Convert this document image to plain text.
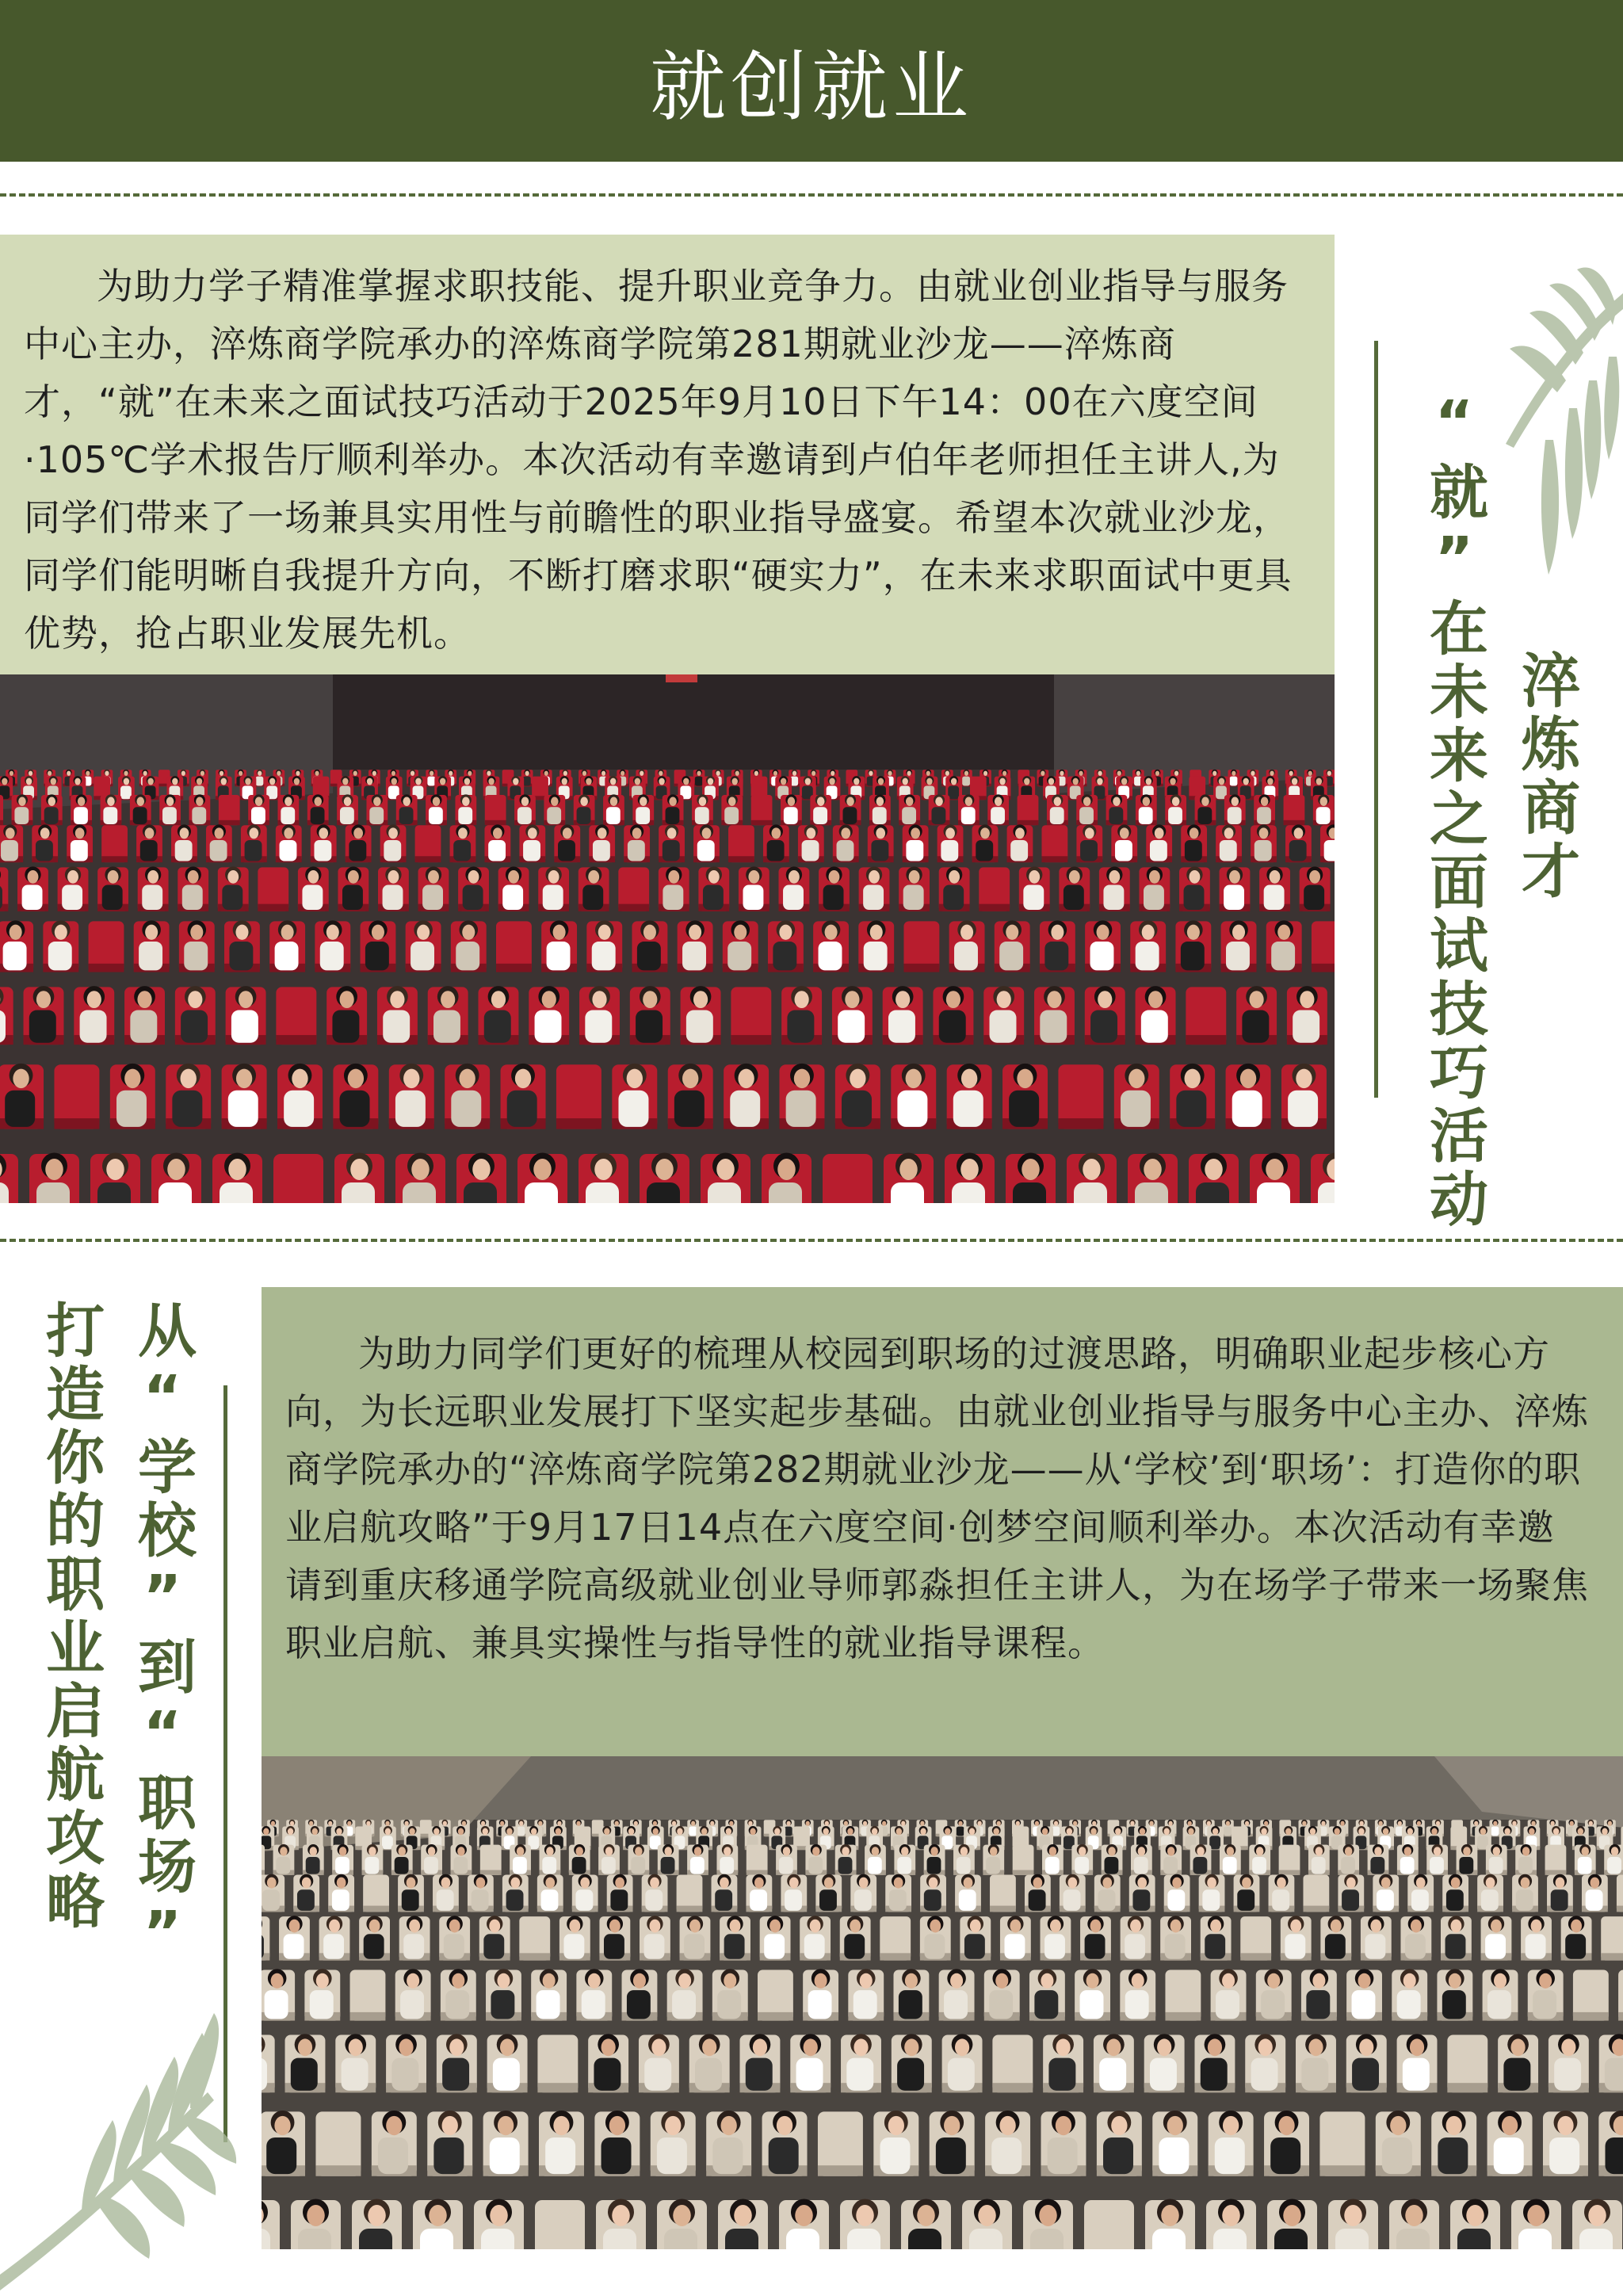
就创就业

为助力学子精准掌握求职技能、提升职业竞争力。由就业创业指导与服务中心主办，淬炼商学院承办的淬炼商学院第281期就业沙龙——淬炼商才，“就”在未来之面试技巧活动于2025年9月10日下午14：00在六度空间·105℃学术报告厅顺利举办。本次活动有幸邀请到卢伯年老师担任主讲人,为同学们带来了一场兼具实用性与前瞻性的职业指导盛宴。希望本次就业沙龙，同学们能明晰自我提升方向，不断打磨求职“硬实力”，在未来求职面试中更具优势，抢占职业发展先机。	“就”在未来之面试技巧活动 淬炼商才

为助力同学们更好的梳理从校园到职场的过渡思路，明确职业起步核心方向，为长远职业发展打下坚实起步基础。由就业创业指导与服务中心主办、淬炼商学院承办的“淬炼商学院第282期就业沙龙——从‘学校’到‘职场’：打造你的职业启航攻略”于9月17日14点在六度空间·创梦空间顺利举办。本次活动有幸邀请到重庆移通学院高级就业创业导师郭淼担任主讲人，为在场学子带来一场聚焦职业启航、兼具实操性与指导性的就业指导课程。

打造你的职业启航攻略 从“学校”到“职场”
